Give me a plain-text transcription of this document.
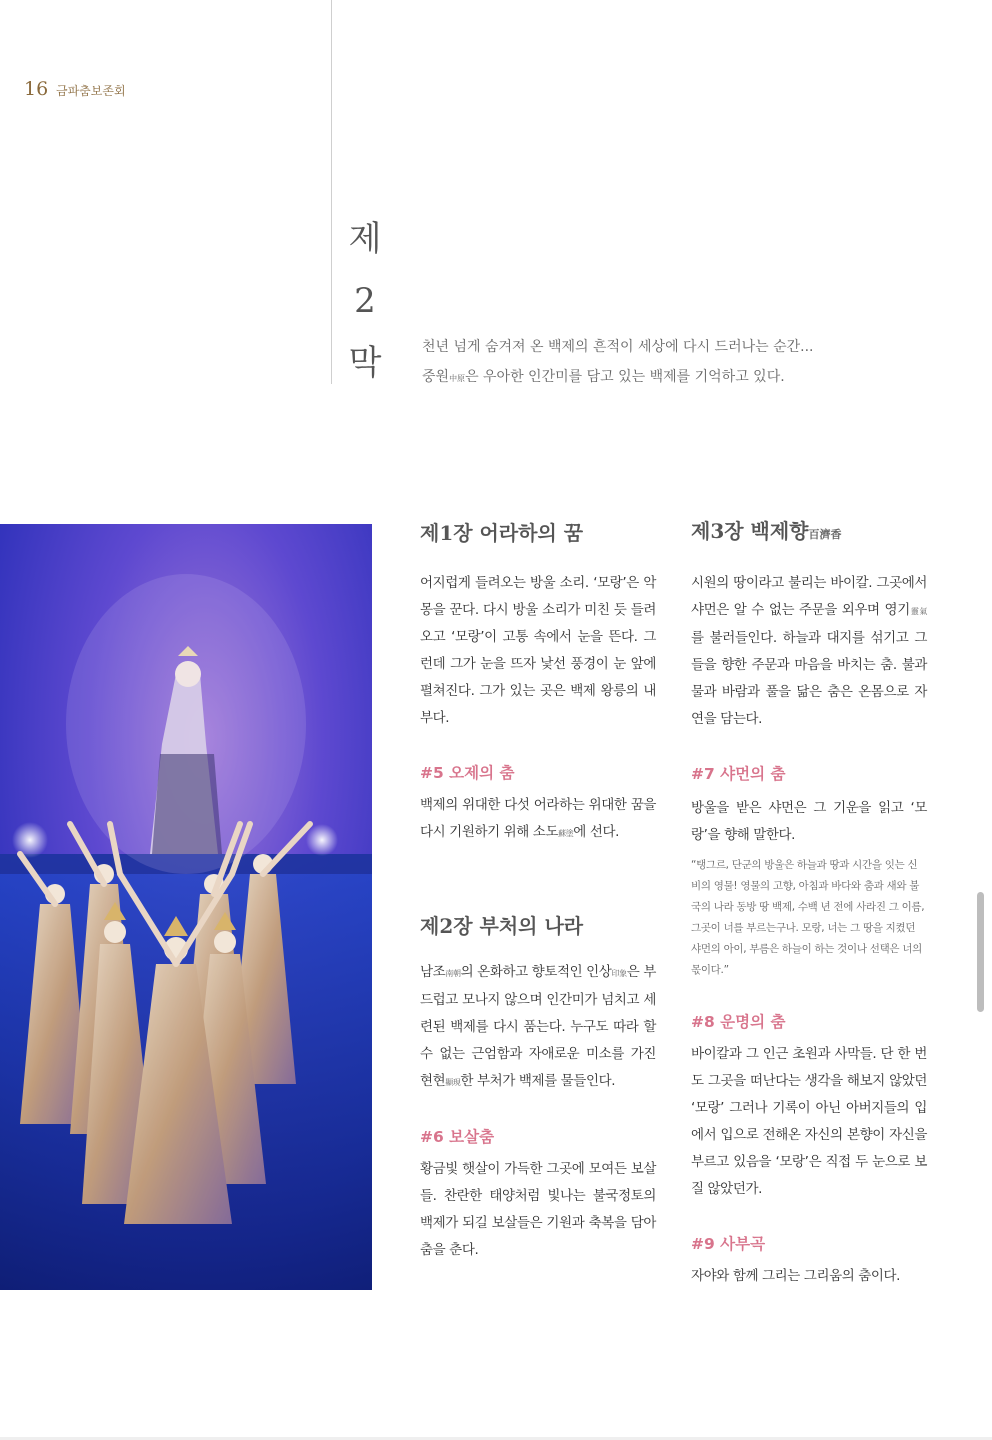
16 금파춤보존회
제
2
막	천년 넘게 숨겨져 온 백제의 흔적이 세상에 다시 드러나는 순간...
중원中原은 우아한 인간미를 담고 있는 백제를 기억하고 있다.
제1장 어라하의 꿈

어지럽게 들려오는 방울 소리. ‘모랑’은 악몽을 꾼다. 다시 방울 소리가 미친 듯 들려오고 ‘모랑’이 고통 속에서 눈을 뜬다. 그런데 그가 눈을 뜨자 낯선 풍경이 눈 앞에 펼쳐진다. 그가 있는 곳은 백제 왕릉의 내부다.

#5 오제의 춤

백제의 위대한 다섯 어라하는 위대한 꿈을 다시 기원하기 위해 소도蘇塗에 선다.

제2장 부처의 나라

남조南朝의 온화하고 향토적인 인상印象은 부드럽고 모나지 않으며 인간미가 넘치고 세련된 백제를 다시 품는다. 누구도 따라 할 수 없는 근엄함과 자애로운 미소를 가진 현현顯現한 부처가 백제를 물들인다.

#6 보살춤

황금빛 햇살이 가득한 그곳에 모여든 보살들. 찬란한 태양처럼 빛나는 불국정토의 백제가 되길 보살들은 기원과 축복을 담아 춤을 춘다.

제3장 백제향百濟香

시원의 땅이라고 불리는 바이칼. 그곳에서 샤먼은 알 수 없는 주문을 외우며 영기靈氣를 불러들인다. 하늘과 대지를 섞기고 그들을 향한 주문과 마음을 바치는 춤. 불과 물과 바람과 풀을 닮은 춤은 온몸으로 자연을 담는다.

#7 샤먼의 춤

방울을 받은 샤먼은 그 기운을 읽고 ‘모랑’을 향해 말한다.

“탱그르, 단군의 방울은 하늘과 땅과 시간을 잇는 신비의 영물! 영물의 고향, 아침과 바다와 춤과 새와 불국의 나라 동방 땅 백제, 수백 년 전에 사라진 그 이름, 그곳이 너를 부르는구나. 모랑, 너는 그 땅을 지켰던 샤먼의 아이, 부름은 하늘이 하는 것이나 선택은 너의 몫이다.”

#8 운명의 춤

바이칼과 그 인근 초원과 사막들. 단 한 번도 그곳을 떠난다는 생각을 해보지 않았던 ‘모랑’ 그러나 기록이 아닌 아버지들의 입에서 입으로 전해온 자신의 본향이 자신을 부르고 있음을 ‘모랑’은 직접 두 눈으로 보질 않았던가.

#9 사부곡

자야와 함께 그리는 그리움의 춤이다.
